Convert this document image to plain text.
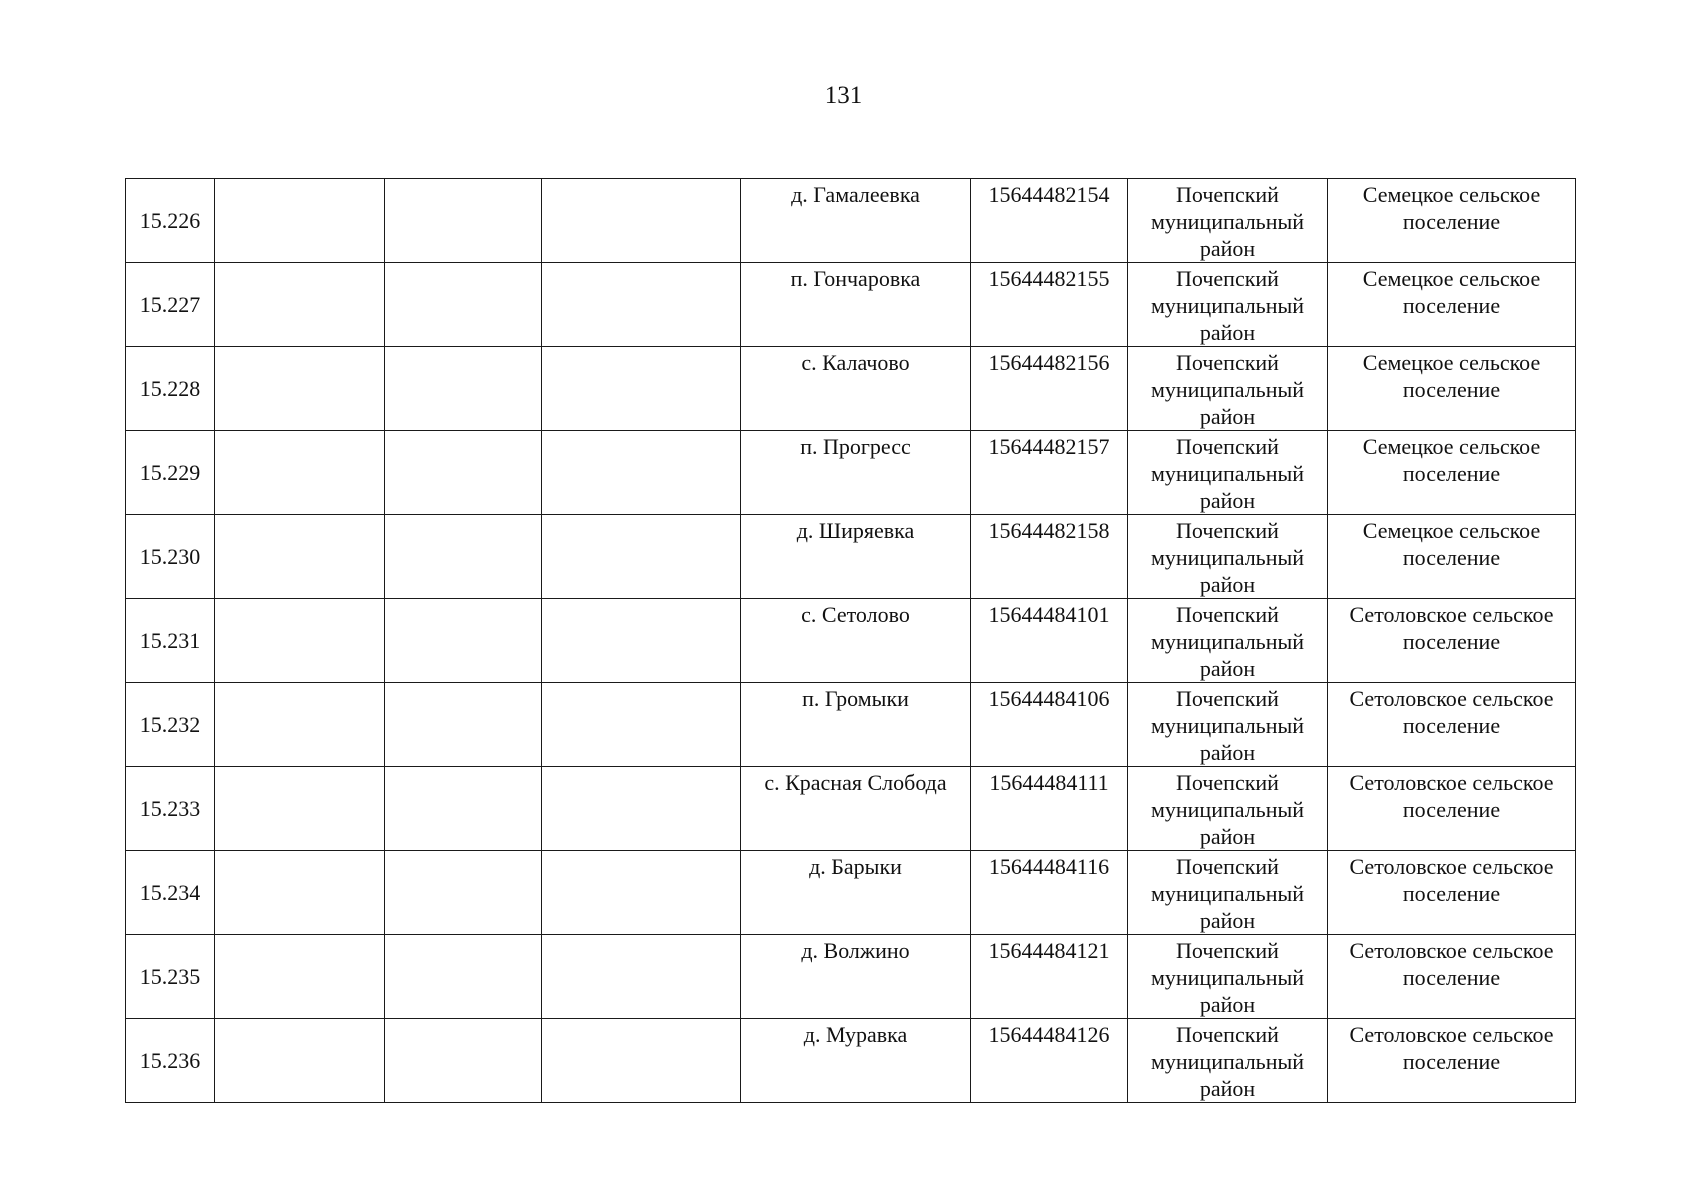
131
15.226				д. Гамалеевка	15644482154	Почепский муниципальный район	Семецкое сельское поселение

15.227				п. Гончаровка	15644482155	Почепский муниципальный район	Семецкое сельское поселение

15.228				с. Калачово	15644482156	Почепский муниципальный район	Семецкое сельское поселение

15.229				п. Прогресс	15644482157	Почепский муниципальный район	Семецкое сельское поселение

15.230				д. Ширяевка	15644482158	Почепский муниципальный район	Семецкое сельское поселение

15.231				с. Сетолово	15644484101	Почепский муниципальный район	Сетоловское сельское поселение

15.232				п. Громыки	15644484106	Почепский муниципальный район	Сетоловское сельское поселение

15.233				с. Красная Слобода	15644484111	Почепский муниципальный район	Сетоловское сельское поселение

15.234				д. Барыки	15644484116	Почепский муниципальный район	Сетоловское сельское поселение

15.235				д. Волжино	15644484121	Почепский муниципальный район	Сетоловское сельское поселение

15.236				д. Муравка	15644484126	Почепский муниципальный район	Сетоловское сельское поселение
